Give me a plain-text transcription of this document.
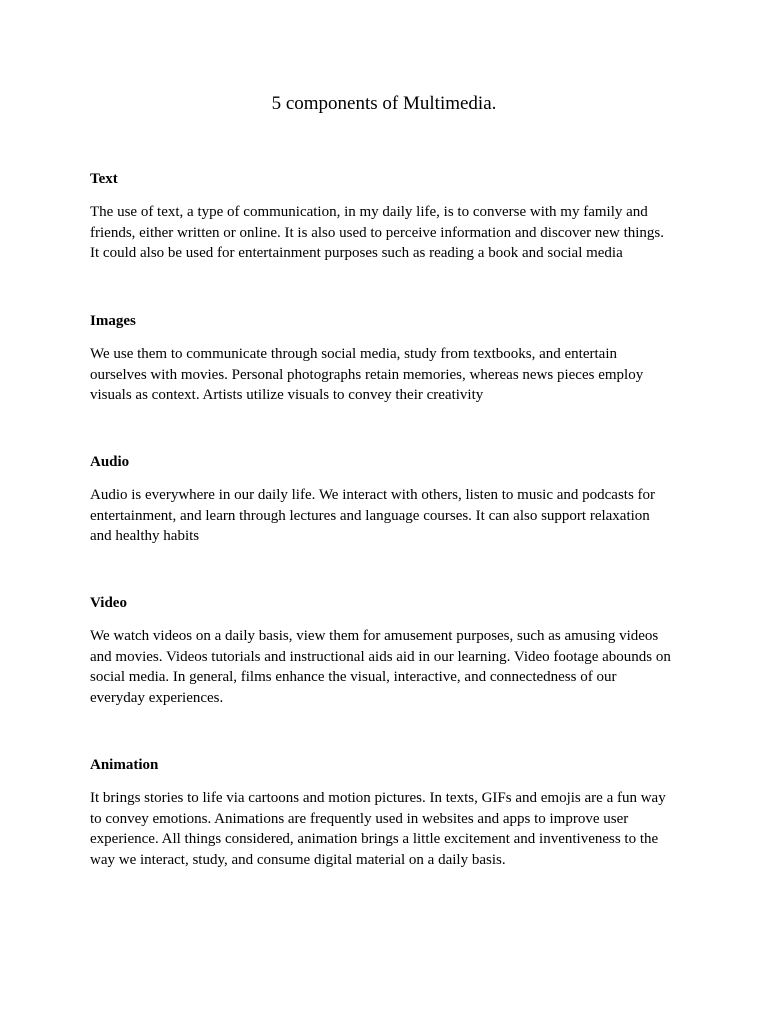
5 components of Multimedia.
Text

The use of text, a type of communication, in my daily life, is to converse with my family and
friends, either written or online. It is also used to perceive information and discover new things.
It could also be used for entertainment purposes such as reading a book and social media

Images

We use them to communicate through social media, study from textbooks, and entertain
ourselves with movies. Personal photographs retain memories, whereas news pieces employ
visuals as context. Artists utilize visuals to convey their creativity

Audio

Audio is everywhere in our daily life. We interact with others, listen to music and podcasts for
entertainment, and learn through lectures and language courses. It can also support relaxation
and healthy habits

Video

We watch videos on a daily basis, view them for amusement purposes, such as amusing videos
and movies. Videos tutorials and instructional aids aid in our learning. Video footage abounds on
social media. In general, films enhance the visual, interactive, and connectedness of our
everyday experiences.

Animation

It brings stories to life via cartoons and motion pictures. In texts, GIFs and emojis are a fun way
to convey emotions. Animations are frequently used in websites and apps to improve user
experience. All things considered, animation brings a little excitement and inventiveness to the
way we interact, study, and consume digital material on a daily basis.
